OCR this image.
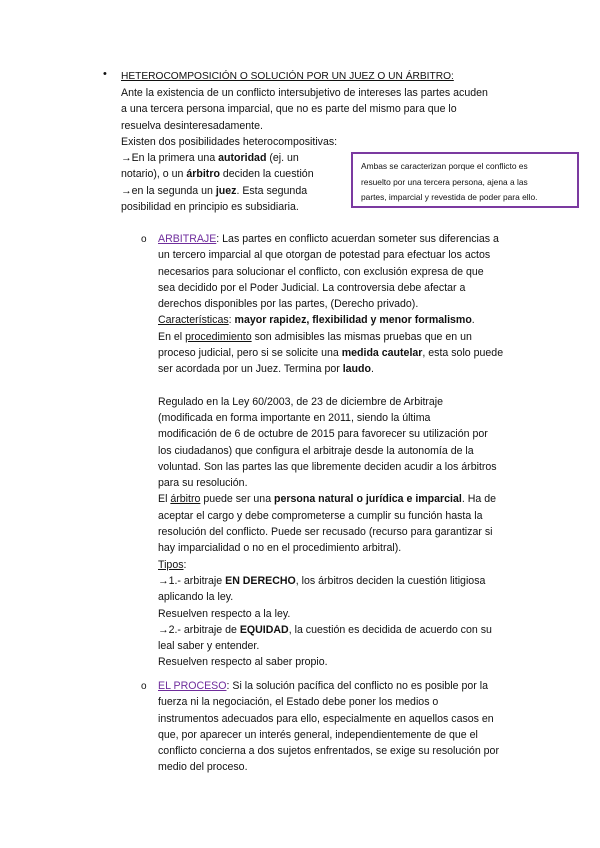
• HETEROCOMPOSICIÓN O SOLUCIÓN POR UN JUEZ O UN ÁRBITRO:
Ante la existencia de un conflicto intersubjetivo de intereses las partes acuden
a una tercera persona imparcial, que no es parte del mismo para que lo
resuelva desinteresadamente.
Existen dos posibilidades heterocompositivas:
→En la primera una autoridad (ej. un
notario), o un árbitro deciden la cuestión
→en la segunda un juez. Esta segunda
posibilidad en principio es subsidiaria.
Ambas se caracterizan porque el conflicto es
resuelto por una tercera persona, ajena a las
partes, imparcial y revestida de poder para ello.
o ARBITRAJE: Las partes en conflicto acuerdan someter sus diferencias a
un tercero imparcial al que otorgan de potestad para efectuar los actos
necesarios para solucionar el conflicto, con exclusión expresa de que
sea decidido por el Poder Judicial. La controversia debe afectar a
derechos disponibles por las partes, (Derecho privado).
Características: mayor rapidez, flexibilidad y menor formalismo.
En el procedimiento son admisibles las mismas pruebas que en un
proceso judicial, pero si se solicite una medida cautelar, esta solo puede
ser acordada por un Juez. Termina por laudo.
Regulado en la Ley 60/2003, de 23 de diciembre de Arbitraje
(modificada en forma importante en 2011, siendo la última
modificación de 6 de octubre de 2015 para favorecer su utilización por
los ciudadanos) que configura el arbitraje desde la autonomía de la
voluntad. Son las partes las que libremente deciden acudir a los árbitros
para su resolución.
El árbitro puede ser una persona natural o jurídica e imparcial. Ha de
aceptar el cargo y debe comprometerse a cumplir su función hasta la
resolución del conflicto. Puede ser recusado (recurso para garantizar si
hay imparcialidad o no en el procedimiento arbitral).
Tipos:
→1.- arbitraje EN DERECHO, los árbitros deciden la cuestión litigiosa
aplicando la ley.
Resuelven respecto a la ley.
→2.- arbitraje de EQUIDAD, la cuestión es decidida de acuerdo con su
leal saber y entender.
Resuelven respecto al saber propio.
o EL PROCESO: Si la solución pacífica del conflicto no es posible por la
fuerza ni la negociación, el Estado debe poner los medios o
instrumentos adecuados para ello, especialmente en aquellos casos en
que, por aparecer un interés general, independientemente de que el
conflicto concierna a dos sujetos enfrentados, se exige su resolución por
medio del proceso.
